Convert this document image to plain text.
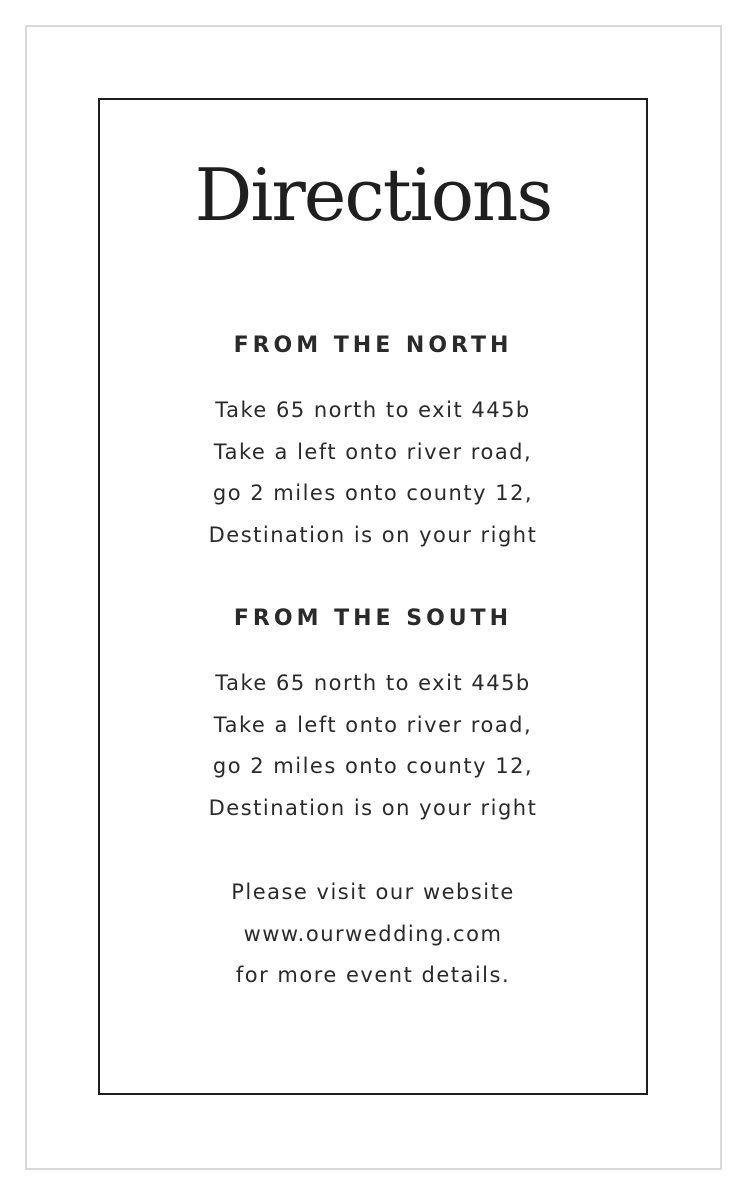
Directions
FROM THE NORTH
Take 65 north to exit 445b
Take a left onto river road,
go 2 miles onto county 12,
Destination is on your right
FROM THE SOUTH
Take 65 north to exit 445b
Take a left onto river road,
go 2 miles onto county 12,
Destination is on your right
Please visit our website
www.ourwedding.com
for more event details.
